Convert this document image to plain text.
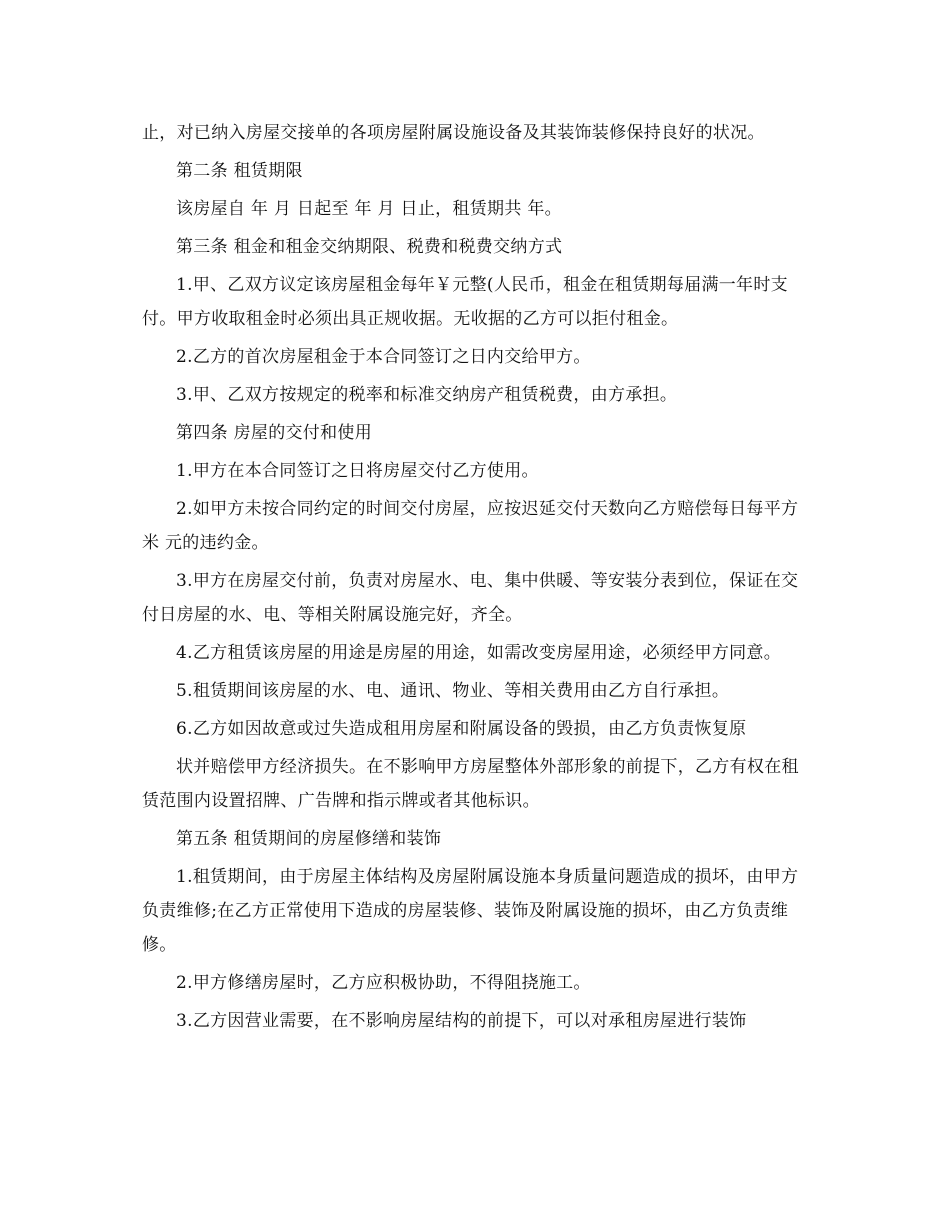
止，对已纳入房屋交接单的各项房屋附属设施设备及其装饰装修保持良好的状况。

第二条 租赁期限

该房屋自 年 月 日起至 年 月 日止，租赁期共 年。

第三条 租金和租金交纳期限、税费和税费交纳方式

1.甲、乙双方议定该房屋租金每年￥元整(人民币，租金在租赁期每届满一年时支付。甲方收取租金时必须出具正规收据。无收据的乙方可以拒付租金。

2.乙方的首次房屋租金于本合同签订之日内交给甲方。

3.甲、乙双方按规定的税率和标准交纳房产租赁税费，由方承担。

第四条 房屋的交付和使用

1.甲方在本合同签订之日将房屋交付乙方使用。

2.如甲方未按合同约定的时间交付房屋，应按迟延交付天数向乙方赔偿每日每平方米 元的违约金。

3.甲方在房屋交付前，负责对房屋水、电、集中供暖、等安装分表到位，保证在交付日房屋的水、电、等相关附属设施完好，齐全。

4.乙方租赁该房屋的用途是房屋的用途，如需改变房屋用途，必须经甲方同意。

5.租赁期间该房屋的水、电、通讯、物业、等相关费用由乙方自行承担。

6.乙方如因故意或过失造成租用房屋和附属设备的毁损，由乙方负责恢复原

状并赔偿甲方经济损失。在不影响甲方房屋整体外部形象的前提下，乙方有权在租赁范围内设置招牌、广告牌和指示牌或者其他标识。

第五条 租赁期间的房屋修缮和装饰

1.租赁期间，由于房屋主体结构及房屋附属设施本身质量问题造成的损坏，由甲方负责维修;在乙方正常使用下造成的房屋装修、装饰及附属设施的损坏，由乙方负责维修。

2.甲方修缮房屋时，乙方应积极协助，不得阻挠施工。

3.乙方因营业需要，在不影响房屋结构的前提下，可以对承租房屋进行装饰
